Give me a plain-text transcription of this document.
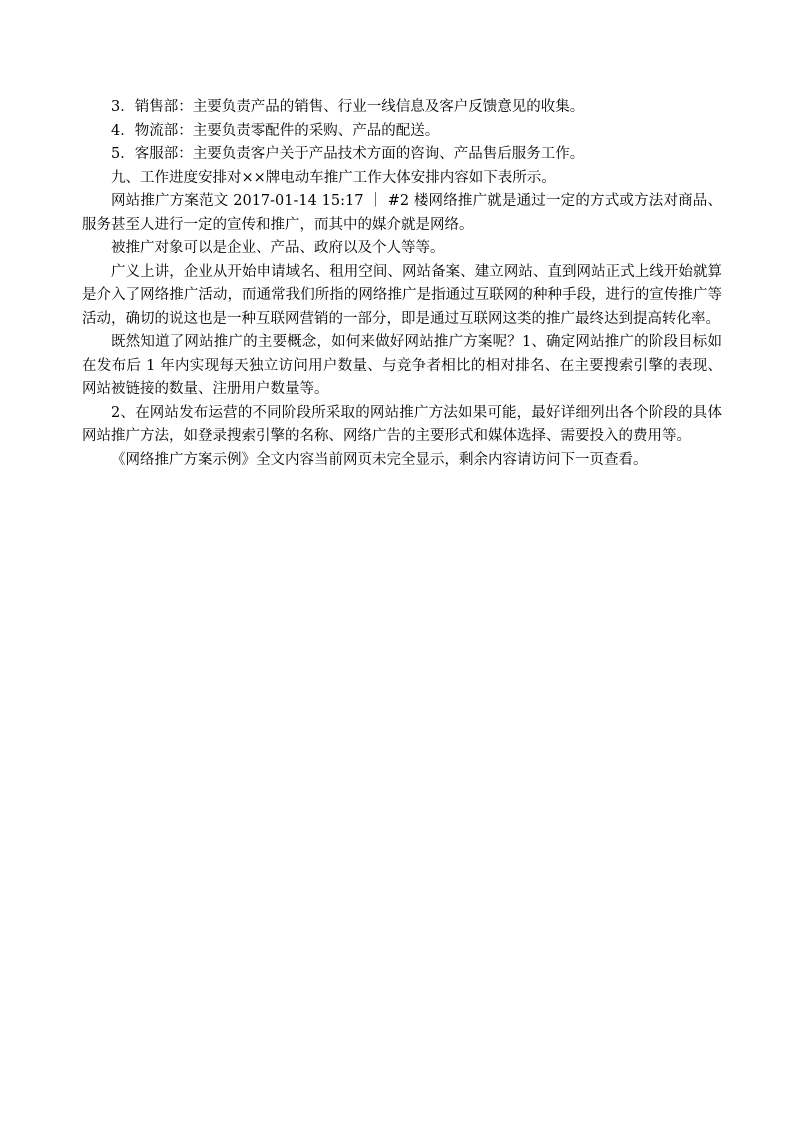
3．销售部：主要负责产品的销售、行业一线信息及客户反馈意见的收集。

4．物流部：主要负责零配件的采购、产品的配送。

5．客服部：主要负责客户关于产品技术方面的咨询、产品售后服务工作。

九、工作进度安排对××牌电动车推广工作大体安排内容如下表所示。

网站推广方案范文 2017-01-14 15:17 ｜ #2 楼网络推广就是通过一定的方式或方法对商品、服务甚至人进行一定的宣传和推广，而其中的媒介就是网络。

被推广对象可以是企业、产品、政府以及个人等等。

广义上讲，企业从开始申请域名、租用空间、网站备案、建立网站、直到网站正式上线开始就算是介入了网络推广活动，而通常我们所指的网络推广是指通过互联网的种种手段，进行的宣传推广等活动，确切的说这也是一种互联网营销的一部分，即是通过互联网这类的推广最终达到提高转化率。

既然知道了网站推广的主要概念，如何来做好网站推广方案呢？1、确定网站推广的阶段目标如在发布后 1 年内实现每天独立访问用户数量、与竞争者相比的相对排名、在主要搜索引擎的表现、网站被链接的数量、注册用户数量等。

2、在网站发布运营的不同阶段所采取的网站推广方法如果可能，最好详细列出各个阶段的具体网站推广方法，如登录搜索引擎的名称、网络广告的主要形式和媒体选择、需要投入的费用等。

《网络推广方案示例》全文内容当前网页未完全显示，剩余内容请访问下一页查看。
